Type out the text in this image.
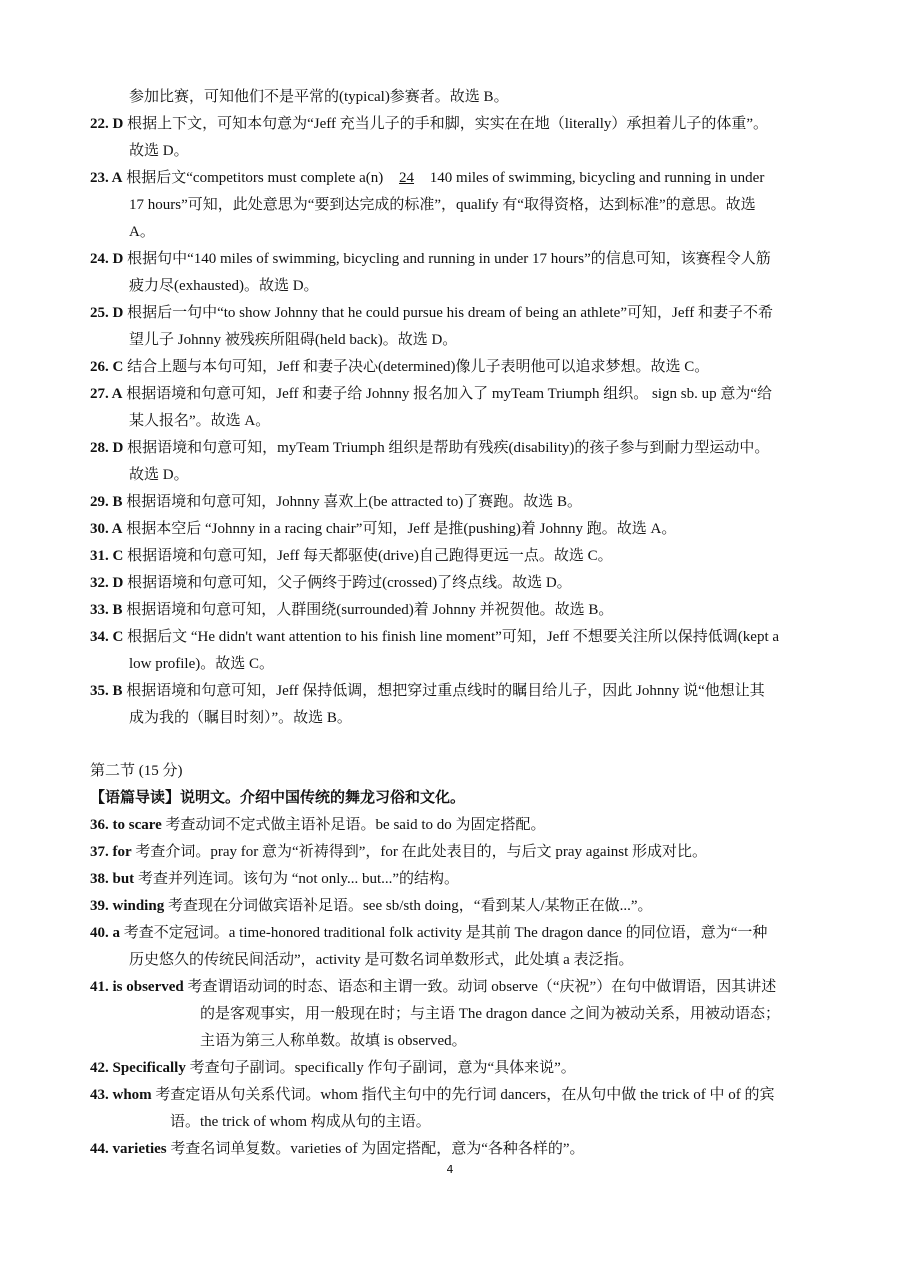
参加比赛，可知他们不是平常的(typical)参赛者。故选 B。
22. D 根据上下文，可知本句意为“Jeff 充当儿子的手和脚，实实在在地（literally）承担着儿子的体重”。
故选 D。
23. A 根据后文“competitors must complete a(n) 24 140 miles of swimming, bicycling and running in under
17 hours”可知，此处意思为“要到达完成的标准”，qualify 有“取得资格，达到标准”的意思。故选
A。
24. D 根据句中“140 miles of swimming, bicycling and running in under 17 hours”的信息可知，该赛程令人筋
疲力尽(exhausted)。故选 D。
25. D 根据后一句中“to show Johnny that he could pursue his dream of being an athlete”可知，Jeff 和妻子不希
望儿子 Johnny 被残疾所阻碍(held back)。故选 D。
26. C 结合上题与本句可知，Jeff 和妻子决心(determined)像儿子表明他可以追求梦想。故选 C。
27. A 根据语境和句意可知，Jeff 和妻子给 Johnny 报名加入了 myTeam Triumph 组织。 sign sb. up 意为“给
某人报名”。故选 A。
28. D 根据语境和句意可知，myTeam Triumph 组织是帮助有残疾(disability)的孩子参与到耐力型运动中。
故选 D。
29. B 根据语境和句意可知，Johnny 喜欢上(be attracted to)了赛跑。故选 B。
30. A 根据本空后 “Johnny in a racing chair”可知，Jeff 是推(pushing)着 Johnny 跑。故选 A。
31. C 根据语境和句意可知，Jeff 每天都驱使(drive)自己跑得更远一点。故选 C。
32. D 根据语境和句意可知，父子俩终于跨过(crossed)了终点线。故选 D。
33. B 根据语境和句意可知，人群围绕(surrounded)着 Johnny 并祝贺他。故选 B。
34. C 根据后文 “He didn't want attention to his finish line moment”可知，Jeff 不想要关注所以保持低调(kept a
low profile)。故选 C。
35. B 根据语境和句意可知，Jeff 保持低调，想把穿过重点线时的瞩目给儿子，因此 Johnny 说“他想让其
成为我的（瞩目时刻）”。故选 B。
第二节 (15 分)
【语篇导读】说明文。介绍中国传统的舞龙习俗和文化。
36. to scare 考查动词不定式做主语补足语。be said to do 为固定搭配。
37. for 考查介词。pray for 意为“祈祷得到”，for 在此处表目的，与后文 pray against 形成对比。
38. but 考查并列连词。该句为 “not only... but...”的结构。
39. winding 考查现在分词做宾语补足语。see sb/sth doing，“看到某人/某物正在做...”。
40. a 考查不定冠词。a time-honored traditional folk activity 是其前 The dragon dance 的同位语，意为“一种
历史悠久的传统民间活动”，activity 是可数名词单数形式，此处填 a 表泛指。
41. is observed 考查谓语动词的时态、语态和主谓一致。动词 observe（“庆祝”）在句中做谓语，因其讲述
的是客观事实，用一般现在时；与主语 The dragon dance 之间为被动关系，用被动语态；
主语为第三人称单数。故填 is observed。
42. Specifically 考查句子副词。specifically 作句子副词，意为“具体来说”。
43. whom 考查定语从句关系代词。whom 指代主句中的先行词 dancers，在从句中做 the trick of 中 of 的宾
语。the trick of whom 构成从句的主语。
44. varieties 考查名词单复数。varieties of 为固定搭配，意为“各种各样的”。
4
